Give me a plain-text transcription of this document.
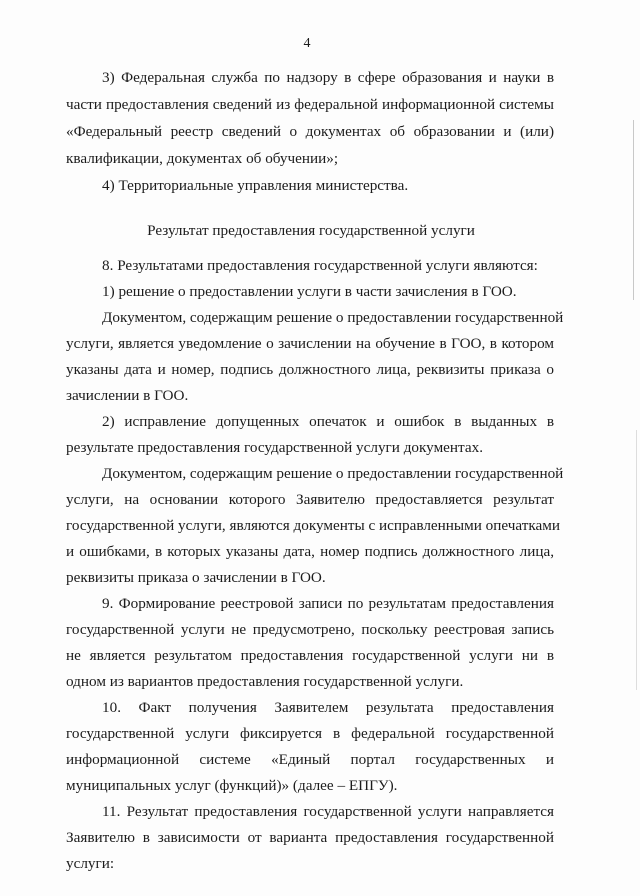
4
3) Федеральная служба по надзору в сфере образования и науки в
части предоставления сведений из федеральной информационной системы
«Федеральный реестр сведений о документах об образовании и (или)
квалификации, документах об обучении»;
4) Территориальные управления министерства.
Результат предоставления государственной услуги
8. Результатами предоставления государственной услуги являются:
1) решение о предоставлении услуги в части зачисления в ГОО.
Документом, содержащим решение о предоставлении государственной
услуги, является уведомление о зачислении на обучение в ГОО, в котором
указаны дата и номер, подпись должностного лица, реквизиты приказа о
зачислении в ГОО.
2) исправление допущенных опечаток и ошибок в выданных в
результате предоставления государственной услуги документах.
Документом, содержащим решение о предоставлении государственной
услуги, на основании которого Заявителю предоставляется результат
государственной услуги, являются документы с исправленными опечатками
и ошибками, в которых указаны дата, номер подпись должностного лица,
реквизиты приказа о зачислении в ГОО.
9. Формирование реестровой записи по результатам предоставления
государственной услуги не предусмотрено, поскольку реестровая запись
не является результатом предоставления государственной услуги ни в
одном из вариантов предоставления государственной услуги.
10. Факт получения Заявителем результата предоставления
государственной услуги фиксируется в федеральной государственной
информационной системе «Единый портал государственных и
муниципальных услуг (функций)» (далее – ЕПГУ).
11. Результат предоставления государственной услуги направляется
Заявителю в зависимости от варианта предоставления государственной
услуги:
